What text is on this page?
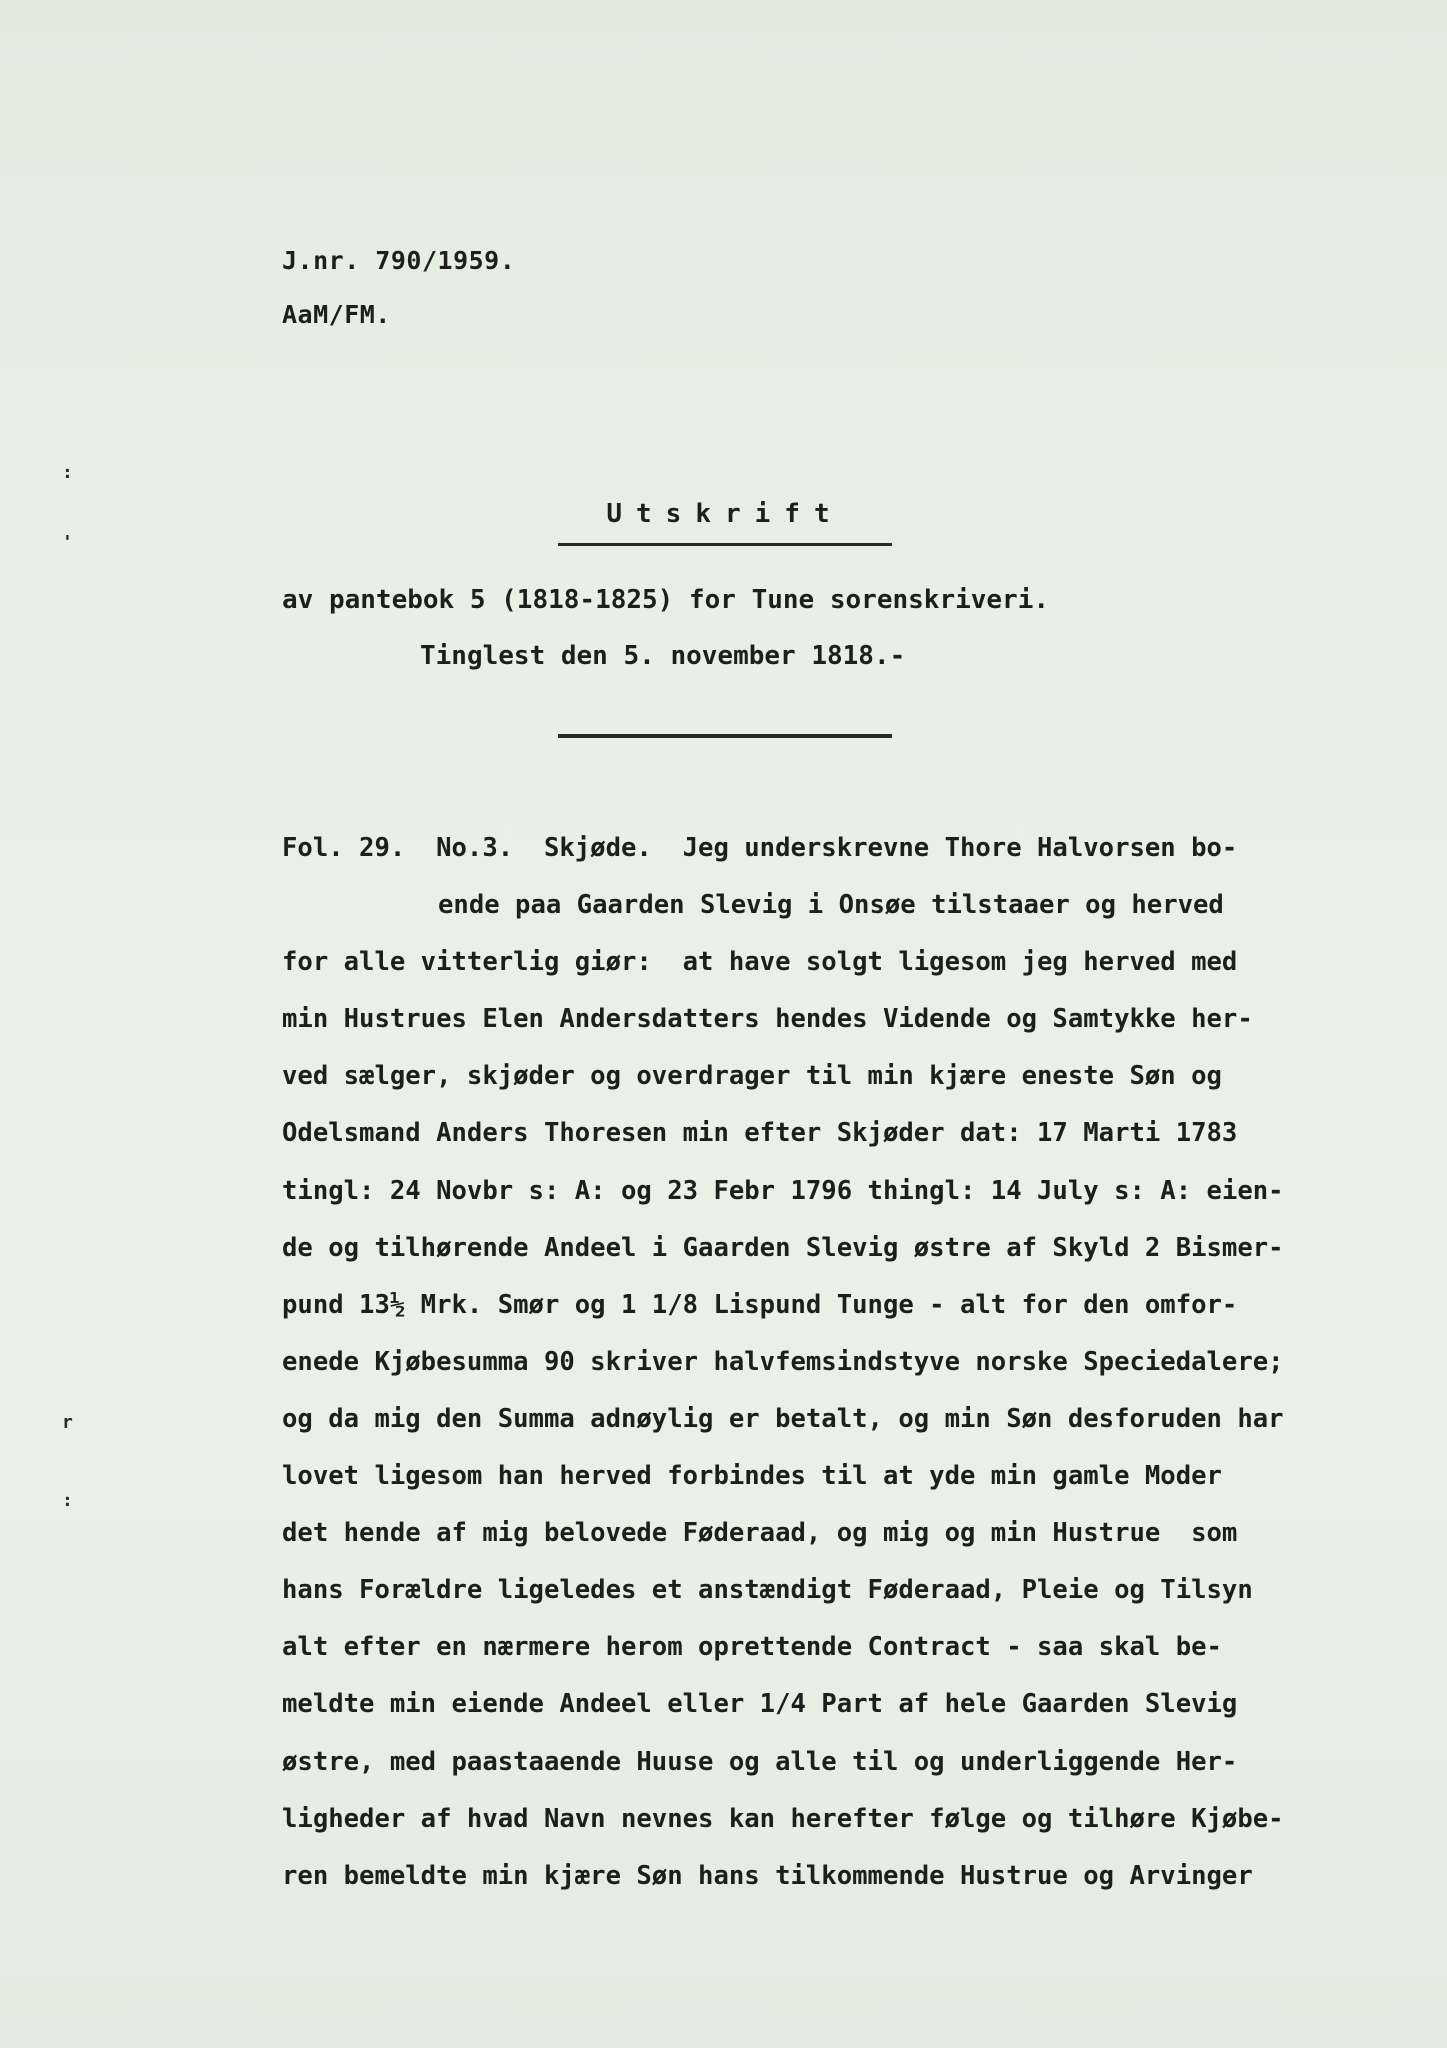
J.nr. 790/1959.
AaM/FM.
:
'
r
:
Utskrift
av pantebok 5 (1818-1825) for Tune sorenskriveri.
Tinglest den 5. november 1818.-
Fol. 29.  No.3.  Skjøde.  Jeg underskrevne Thore Halvorsen bo-
ende paa Gaarden Slevig i Onsøe tilstaaer og herved
for alle vitterlig giør:  at have solgt ligesom jeg herved med
min Hustrues Elen Andersdatters hendes Vidende og Samtykke her-
ved sælger, skjøder og overdrager til min kjære eneste Søn og
Odelsmand Anders Thoresen min efter Skjøder dat: 17 Marti 1783
tingl: 24 Novbr s: A: og 23 Febr 1796 thingl: 14 July s: A: eien-
de og tilhørende Andeel i Gaarden Slevig østre af Skyld 2 Bismer-
pund 13½ Mrk. Smør og 1 1/8 Lispund Tunge - alt for den omfor-
enede Kjøbesumma 90 skriver halvfemsindstyve norske Speciedalere;
og da mig den Summa adnøylig er betalt, og min Søn desforuden har
lovet ligesom han herved forbindes til at yde min gamle Moder
det hende af mig belovede Føderaad, og mig og min Hustrue  som
hans Forældre ligeledes et anstændigt Føderaad, Pleie og Tilsyn
alt efter en nærmere herom oprettende Contract - saa skal be-
meldte min eiende Andeel eller 1/4 Part af hele Gaarden Slevig
østre, med paastaaende Huuse og alle til og underliggende Her-
ligheder af hvad Navn nevnes kan herefter følge og tilhøre Kjøbe-
ren bemeldte min kjære Søn hans tilkommende Hustrue og Arvinger
